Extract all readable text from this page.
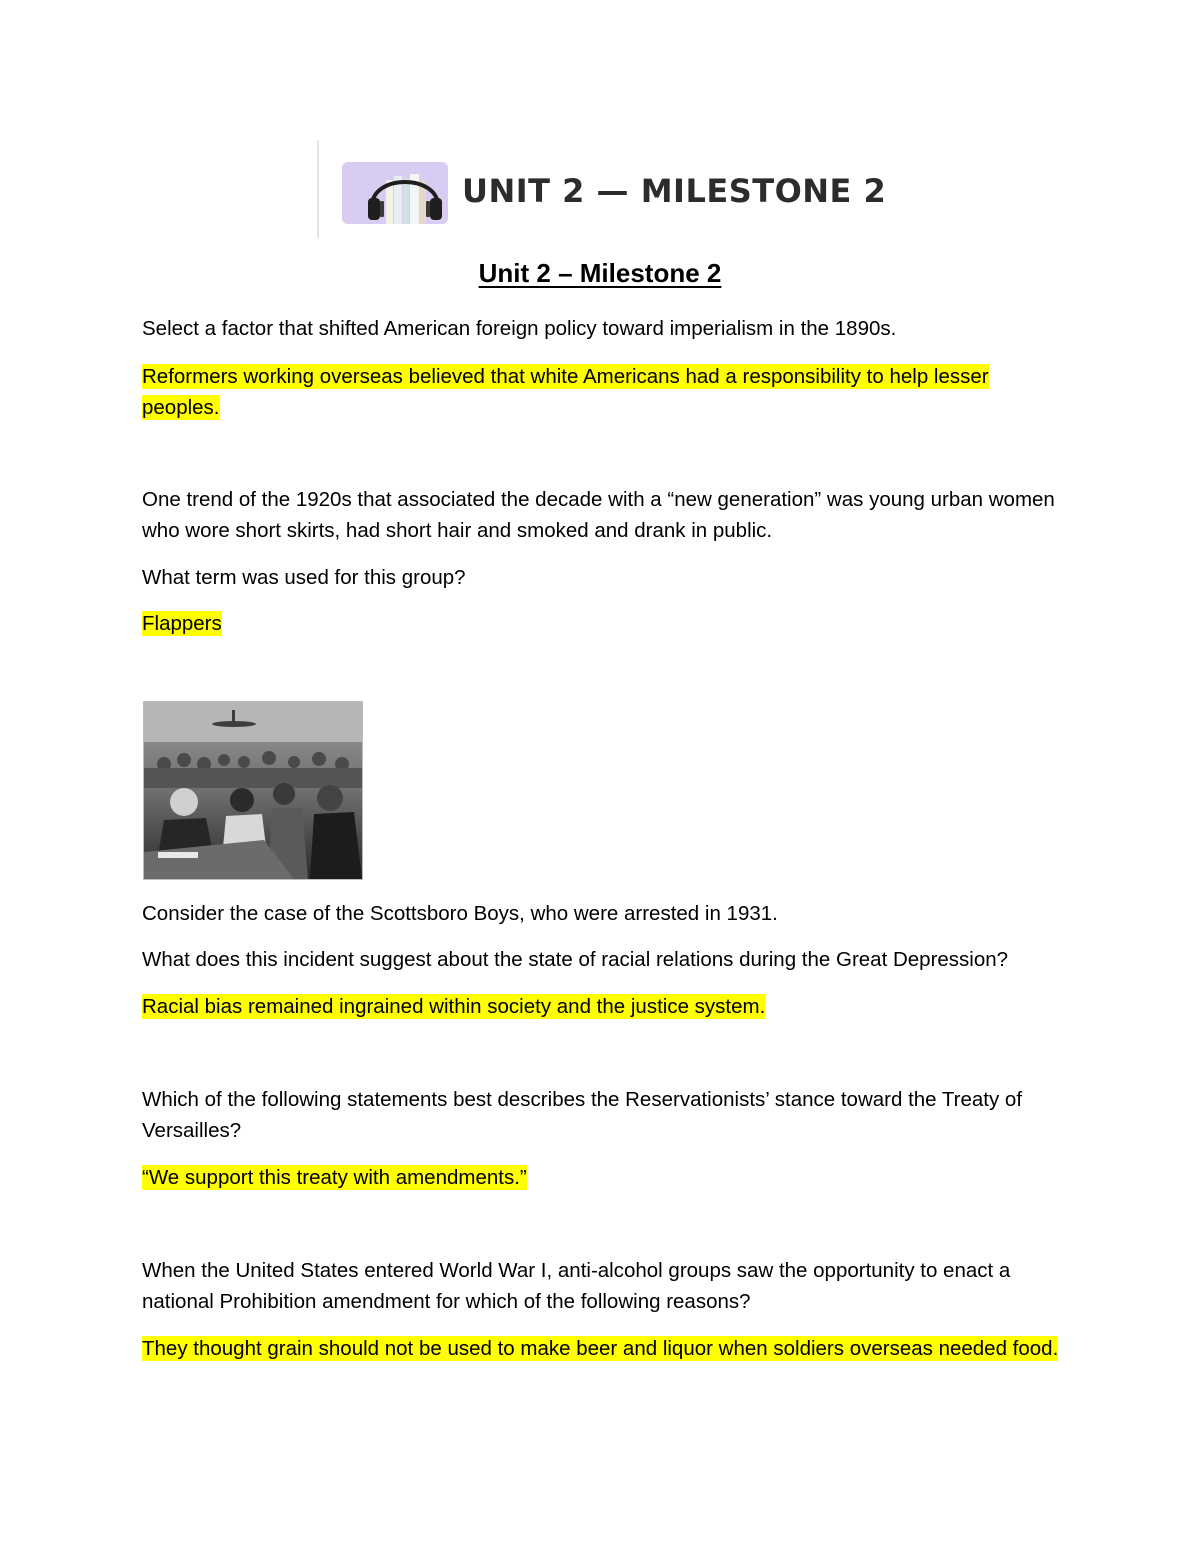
UNIT 2 — MILESTONE 2
Unit 2 – Milestone 2

Select a factor that shifted American foreign policy toward imperialism in the 1890s.

Reformers working overseas believed that white Americans had a responsibility to help lesser peoples.

One trend of the 1920s that associated the decade with a “new generation” was young urban women who wore short skirts, had short hair and smoked and drank in public.

What term was used for this group?

Flappers

Consider the case of the Scottsboro Boys, who were arrested in 1931.

What does this incident suggest about the state of racial relations during the Great Depression?

Racial bias remained ingrained within society and the justice system.

Which of the following statements best describes the Reservationists’ stance toward the Treaty of Versailles?

“We support this treaty with amendments.”

When the United States entered World War I, anti-alcohol groups saw the opportunity to enact a national Prohibition amendment for which of the following reasons?

They thought grain should not be used to make beer and liquor when soldiers overseas needed food.
